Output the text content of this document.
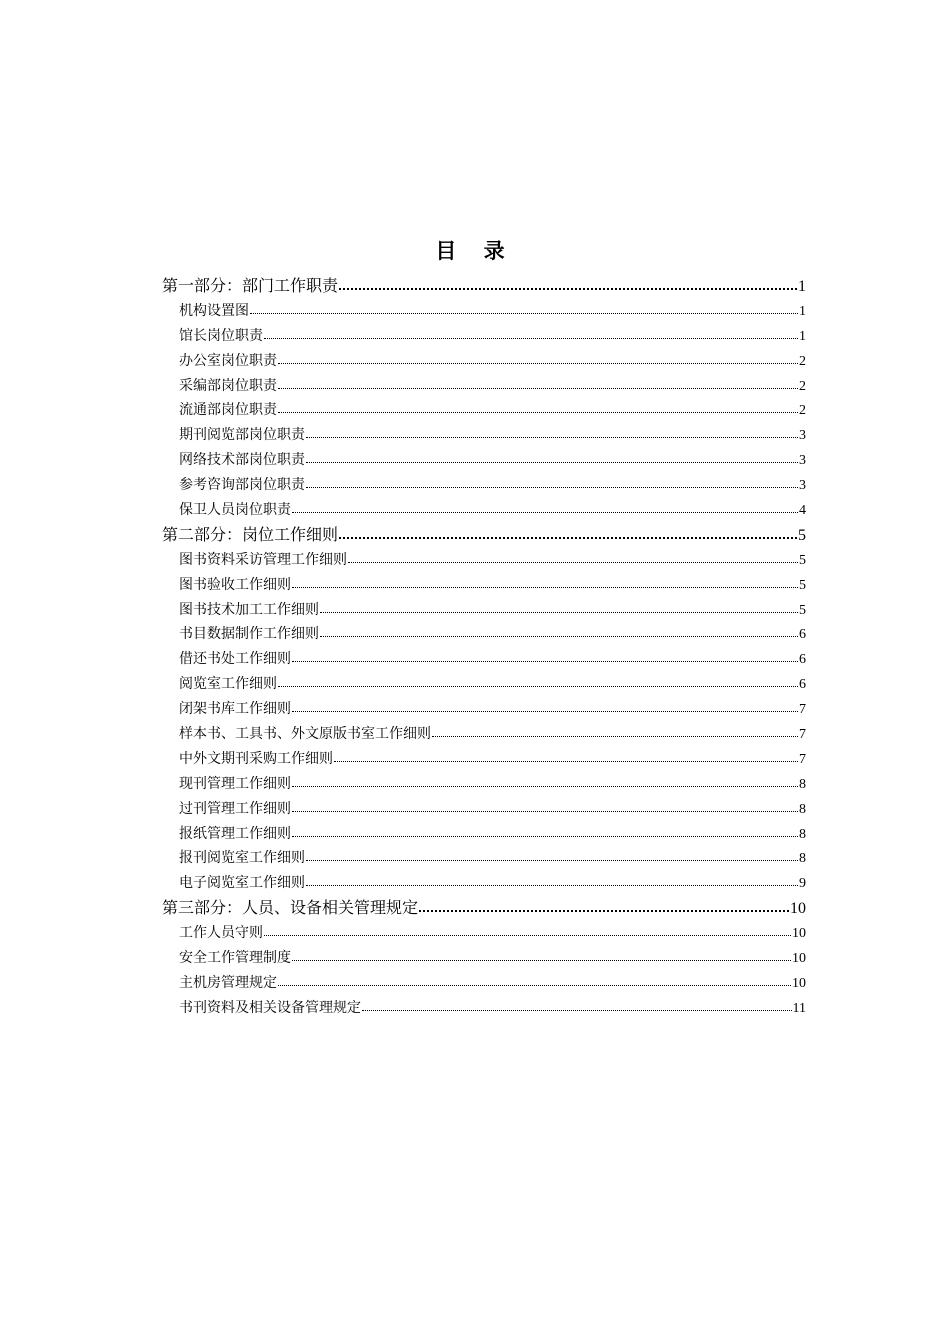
目 录
第一部分：部门工作职责	1
机构设置图	1
馆长岗位职责	1
办公室岗位职责	2
采编部岗位职责	2
流通部岗位职责	2
期刊阅览部岗位职责	3
网络技术部岗位职责	3
参考咨询部岗位职责	3
保卫人员岗位职责	4
第二部分：岗位工作细则	5
图书资料采访管理工作细则	5
图书验收工作细则	5
图书技术加工工作细则	5
书目数据制作工作细则	6
借还书处工作细则	6
阅览室工作细则	6
闭架书库工作细则	7
样本书、工具书、外文原版书室工作细则	7
中外文期刊采购工作细则	7
现刊管理工作细则	8
过刊管理工作细则	8
报纸管理工作细则	8
报刊阅览室工作细则	8
电子阅览室工作细则	9
第三部分：人员、设备相关管理规定	10
工作人员守则	10
安全工作管理制度	10
主机房管理规定	10
书刊资料及相关设备管理规定	11
